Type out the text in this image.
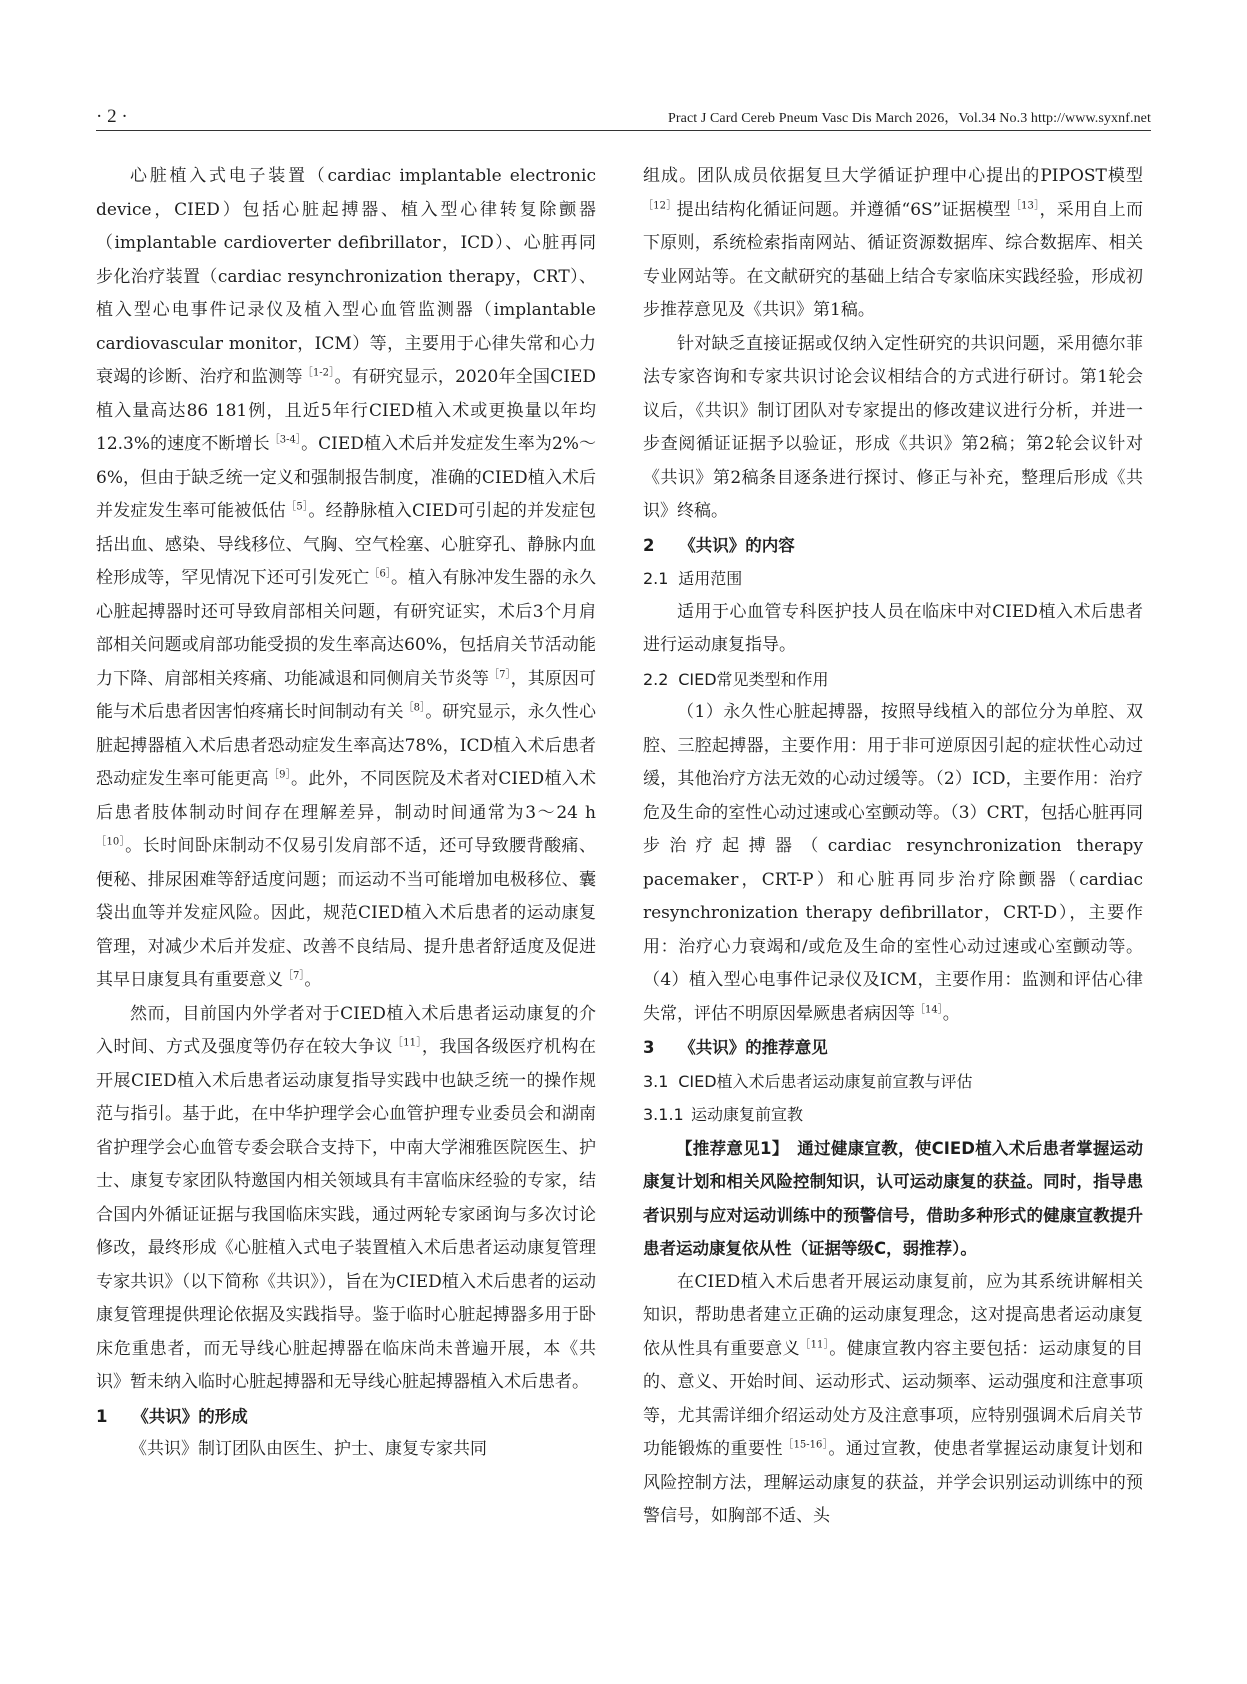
· 2 ·	Pract J Card Cereb Pneum Vasc Dis March 2026，Vol.34 No.3 http://www.syxnf.net

心脏植入式电子装置（cardiac implantable electronic device，CIED）包括心脏起搏器、植入型心律转复除颤器（implantable cardioverter defibrillator，ICD）、心脏再同步化治疗装置（cardiac resynchronization therapy，CRT）、植入型心电事件记录仪及植入型心血管监测器（implantable cardiovascular monitor，ICM）等，主要用于心律失常和心力衰竭的诊断、治疗和监测等$^{[1-2]}$。有研究显示，2020年全国CIED植入量高达86 181例，且近5年行CIED植入术或更换量以年均12.3%的速度不断增长$^{[3-4]}$。CIED植入术后并发症发生率为2%～6%，但由于缺乏统一定义和强制报告制度，准确的CIED植入术后并发症发生率可能被低估$^{[5]}$。经静脉植入CIED可引起的并发症包括出血、感染、导线移位、气胸、空气栓塞、心脏穿孔、静脉内血栓形成等，罕见情况下还可引发死亡$^{[6]}$。植入有脉冲发生器的永久心脏起搏器时还可导致肩部相关问题，有研究证实，术后3个月肩部相关问题或肩部功能受损的发生率高达60%，包括肩关节活动能力下降、肩部相关疼痛、功能减退和同侧肩关节炎等$^{[7]}$，其原因可能与术后患者因害怕疼痛长时间制动有关$^{[8]}$。研究显示，永久性心脏起搏器植入术后患者恐动症发生率高达78%，ICD植入术后患者恐动症发生率可能更高$^{[9]}$。此外，不同医院及术者对CIED植入术后患者肢体制动时间存在理解差异，制动时间通常为3～24 $h^{[10]}$。长时间卧床制动不仅易引发肩部不适，还可导致腰背酸痛、便秘、排尿困难等舒适度问题；而运动不当可能增加电极移位、囊袋出血等并发症风险。因此，规范CIED植入术后患者的运动康复管理，对减少术后并发症、改善不良结局、提升患者舒适度及促进其早日康复具有重要意义$^{[7]}$。

然而，目前国内外学者对于CIED植入术后患者运动康复的介入时间、方式及强度等仍存在较大争议$^{[11]}$，我国各级医疗机构在开展CIED植入术后患者运动康复指导实践中也缺乏统一的操作规范与指引。基于此，在中华护理学会心血管护理专业委员会和湖南省护理学会心血管专委会联合支持下，中南大学湘雅医院医生、护士、康复专家团队特邀国内相关领域具有丰富临床经验的专家，结合国内外循证证据与我国临床实践，通过两轮专家函询与多次讨论修改，最终形成《心脏植入式电子装置植入术后患者运动康复管理专家共识》（以下简称《共识》），旨在为CIED植入术后患者的运动康复管理提供理论依据及实践指导。鉴于临时心脏起搏器多用于卧床危重患者，而无导线心脏起搏器在临床尚未普遍开展，本《共识》暂未纳入临时心脏起搏器和无导线心脏起搏器植入术后患者。

1 《共识》的形成

《共识》制订团队由医生、护士、康复专家共同

组成。团队成员依据复旦大学循证护理中心提出的PIPOST模型$^{[12]}$提出结构化循证问题。并遵循“6S”证据模型$^{[13]}$，采用自上而下原则，系统检索指南网站、循证资源数据库、综合数据库、相关专业网站等。在文献研究的基础上结合专家临床实践经验，形成初步推荐意见及《共识》第1稿。

针对缺乏直接证据或仅纳入定性研究的共识问题，采用德尔菲法专家咨询和专家共识讨论会议相结合的方式进行研讨。第1轮会议后，《共识》制订团队对专家提出的修改建议进行分析，并进一步查阅循证证据予以验证，形成《共识》第2稿；第2轮会议针对《共识》第2稿条目逐条进行探讨、修正与补充，整理后形成《共识》终稿。

2 《共识》的内容

2.1 适用范围

适用于心血管专科医护技人员在临床中对CIED植入术后患者进行运动康复指导。

2.2 CIED常见类型和作用

（1）永久性心脏起搏器，按照导线植入的部位分为单腔、双腔、三腔起搏器，主要作用：用于非可逆原因引起的症状性心动过缓，其他治疗方法无效的心动过缓等。（2）ICD，主要作用：治疗危及生命的室性心动过速或心室颤动等。（3）CRT，包括心脏再同步治疗起搏器（cardiac resynchronization therapy pacemaker，CRT-P）和心脏再同步治疗除颤器（cardiac resynchronization therapy defibrillator，CRT-D），主要作用：治疗心力衰竭和/或危及生命的室性心动过速或心室颤动等。（4）植入型心电事件记录仪及ICM，主要作用：监测和评估心律失常，评估不明原因晕厥患者病因等$^{[14]}$。

3 《共识》的推荐意见

3.1 CIED植入术后患者运动康复前宣教与评估

3.1.1 运动康复前宣教

【推荐意见1】　通过健康宣教，使CIED植入术后患者掌握运动康复计划和相关风险控制知识，认可运动康复的获益。同时，指导患者识别与应对运动训练中的预警信号，借助多种形式的健康宣教提升患者运动康复依从性（证据等级C，弱推荐）。

在CIED植入术后患者开展运动康复前，应为其系统讲解相关知识，帮助患者建立正确的运动康复理念，这对提高患者运动康复依从性具有重要意义$^{[11]}$。健康宣教内容主要包括：运动康复的目的、意义、开始时间、运动形式、运动频率、运动强度和注意事项等，尤其需详细介绍运动处方及注意事项，应特别强调术后肩关节功能锻炼的重要性$^{[15-16]}$。通过宣教，使患者掌握运动康复计划和风险控制方法，理解运动康复的获益，并学会识别运动训练中的预警信号，如胸部不适、头
